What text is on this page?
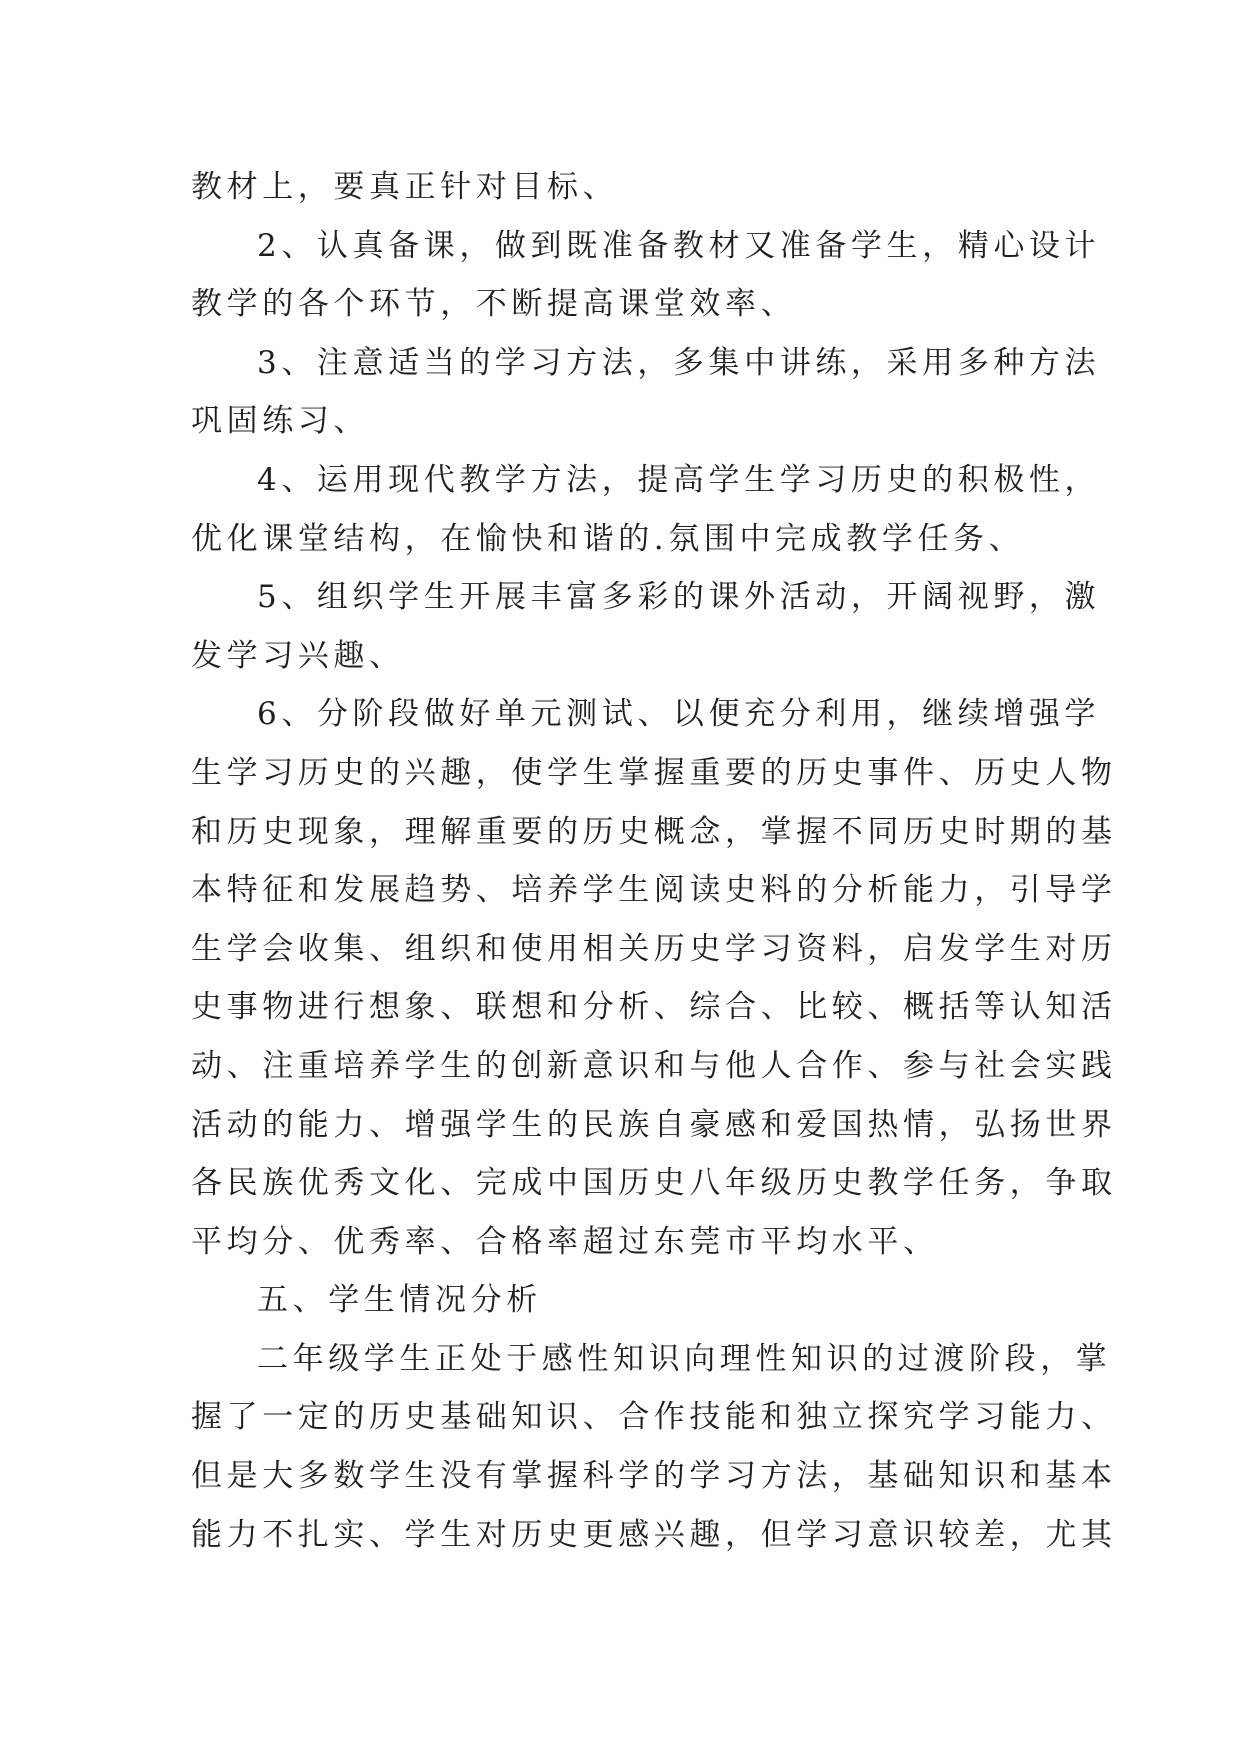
教材上，要真正针对目标、
2、认真备课，做到既准备教材又准备学生，精心设计
教学的各个环节，不断提高课堂效率、
3、注意适当的学习方法，多集中讲练，采用多种方法
巩固练习、
4、运用现代教学方法，提高学生学习历史的积极性，
优化课堂结构，在愉快和谐的.氛围中完成教学任务、
5、组织学生开展丰富多彩的课外活动，开阔视野，激
发学习兴趣、
6、分阶段做好单元测试、以便充分利用，继续增强学
生学习历史的兴趣，使学生掌握重要的历史事件、历史人物
和历史现象，理解重要的历史概念，掌握不同历史时期的基
本特征和发展趋势、培养学生阅读史料的分析能力，引导学
生学会收集、组织和使用相关历史学习资料，启发学生对历
史事物进行想象、联想和分析、综合、比较、概括等认知活
动、注重培养学生的创新意识和与他人合作、参与社会实践
活动的能力、增强学生的民族自豪感和爱国热情，弘扬世界
各民族优秀文化、完成中国历史八年级历史教学任务，争取
平均分、优秀率、合格率超过东莞市平均水平、
五、学生情况分析
二年级学生正处于感性知识向理性知识的过渡阶段，掌
握了一定的历史基础知识、合作技能和独立探究学习能力、
但是大多数学生没有掌握科学的学习方法，基础知识和基本
能力不扎实、学生对历史更感兴趣，但学习意识较差，尤其
